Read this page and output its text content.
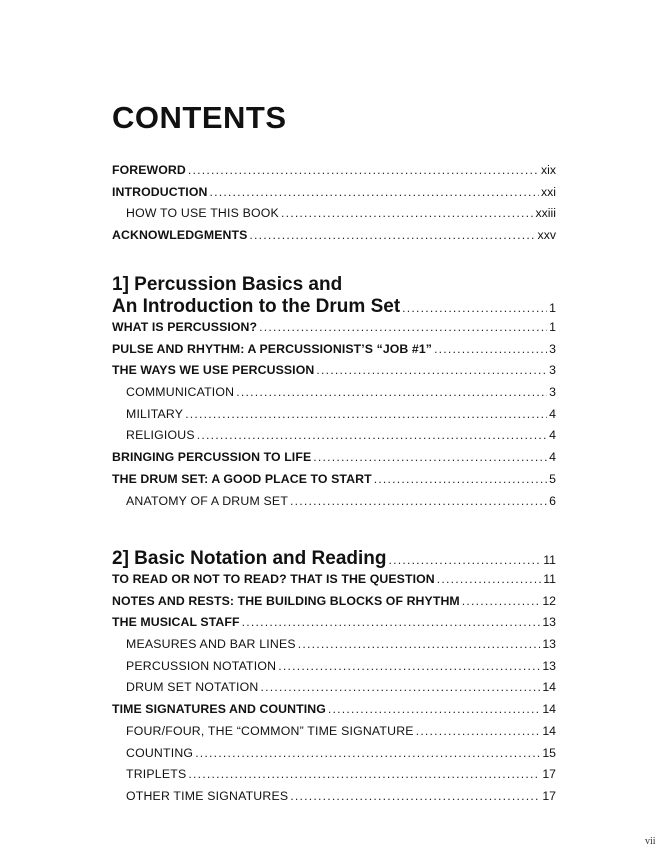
CONTENTS
FOREWORD .....	xix
INTRODUCTION .....	xxi
HOW TO USE THIS BOOK .....	xxiii
ACKNOWLEDGMENTS .....	xxv
1] Percussion Basics and
An Introduction to the Drum Set .....	1
WHAT IS PERCUSSION? .....	1
PULSE AND RHYTHM: A PERCUSSIONIST’S “JOB #1” .....	3
THE WAYS WE USE PERCUSSION .....	3
COMMUNICATION .....	3
MILITARY .....	4
RELIGIOUS .....	4
BRINGING PERCUSSION TO LIFE .....	4
THE DRUM SET: A GOOD PLACE TO START .....	5
ANATOMY OF A DRUM SET .....	6
2] Basic Notation and Reading .....	11
TO READ OR NOT TO READ? THAT IS THE QUESTION .....	11
NOTES AND RESTS: THE BUILDING BLOCKS OF RHYTHM .....	12
THE MUSICAL STAFF .....	13
MEASURES AND BAR LINES .....	13
PERCUSSION NOTATION .....	13
DRUM SET NOTATION .....	14
TIME SIGNATURES AND COUNTING .....	14
FOUR/FOUR, THE “COMMON” TIME SIGNATURE .....	14
COUNTING .....	15
TRIPLETS .....	17
OTHER TIME SIGNATURES .....	17
vii
